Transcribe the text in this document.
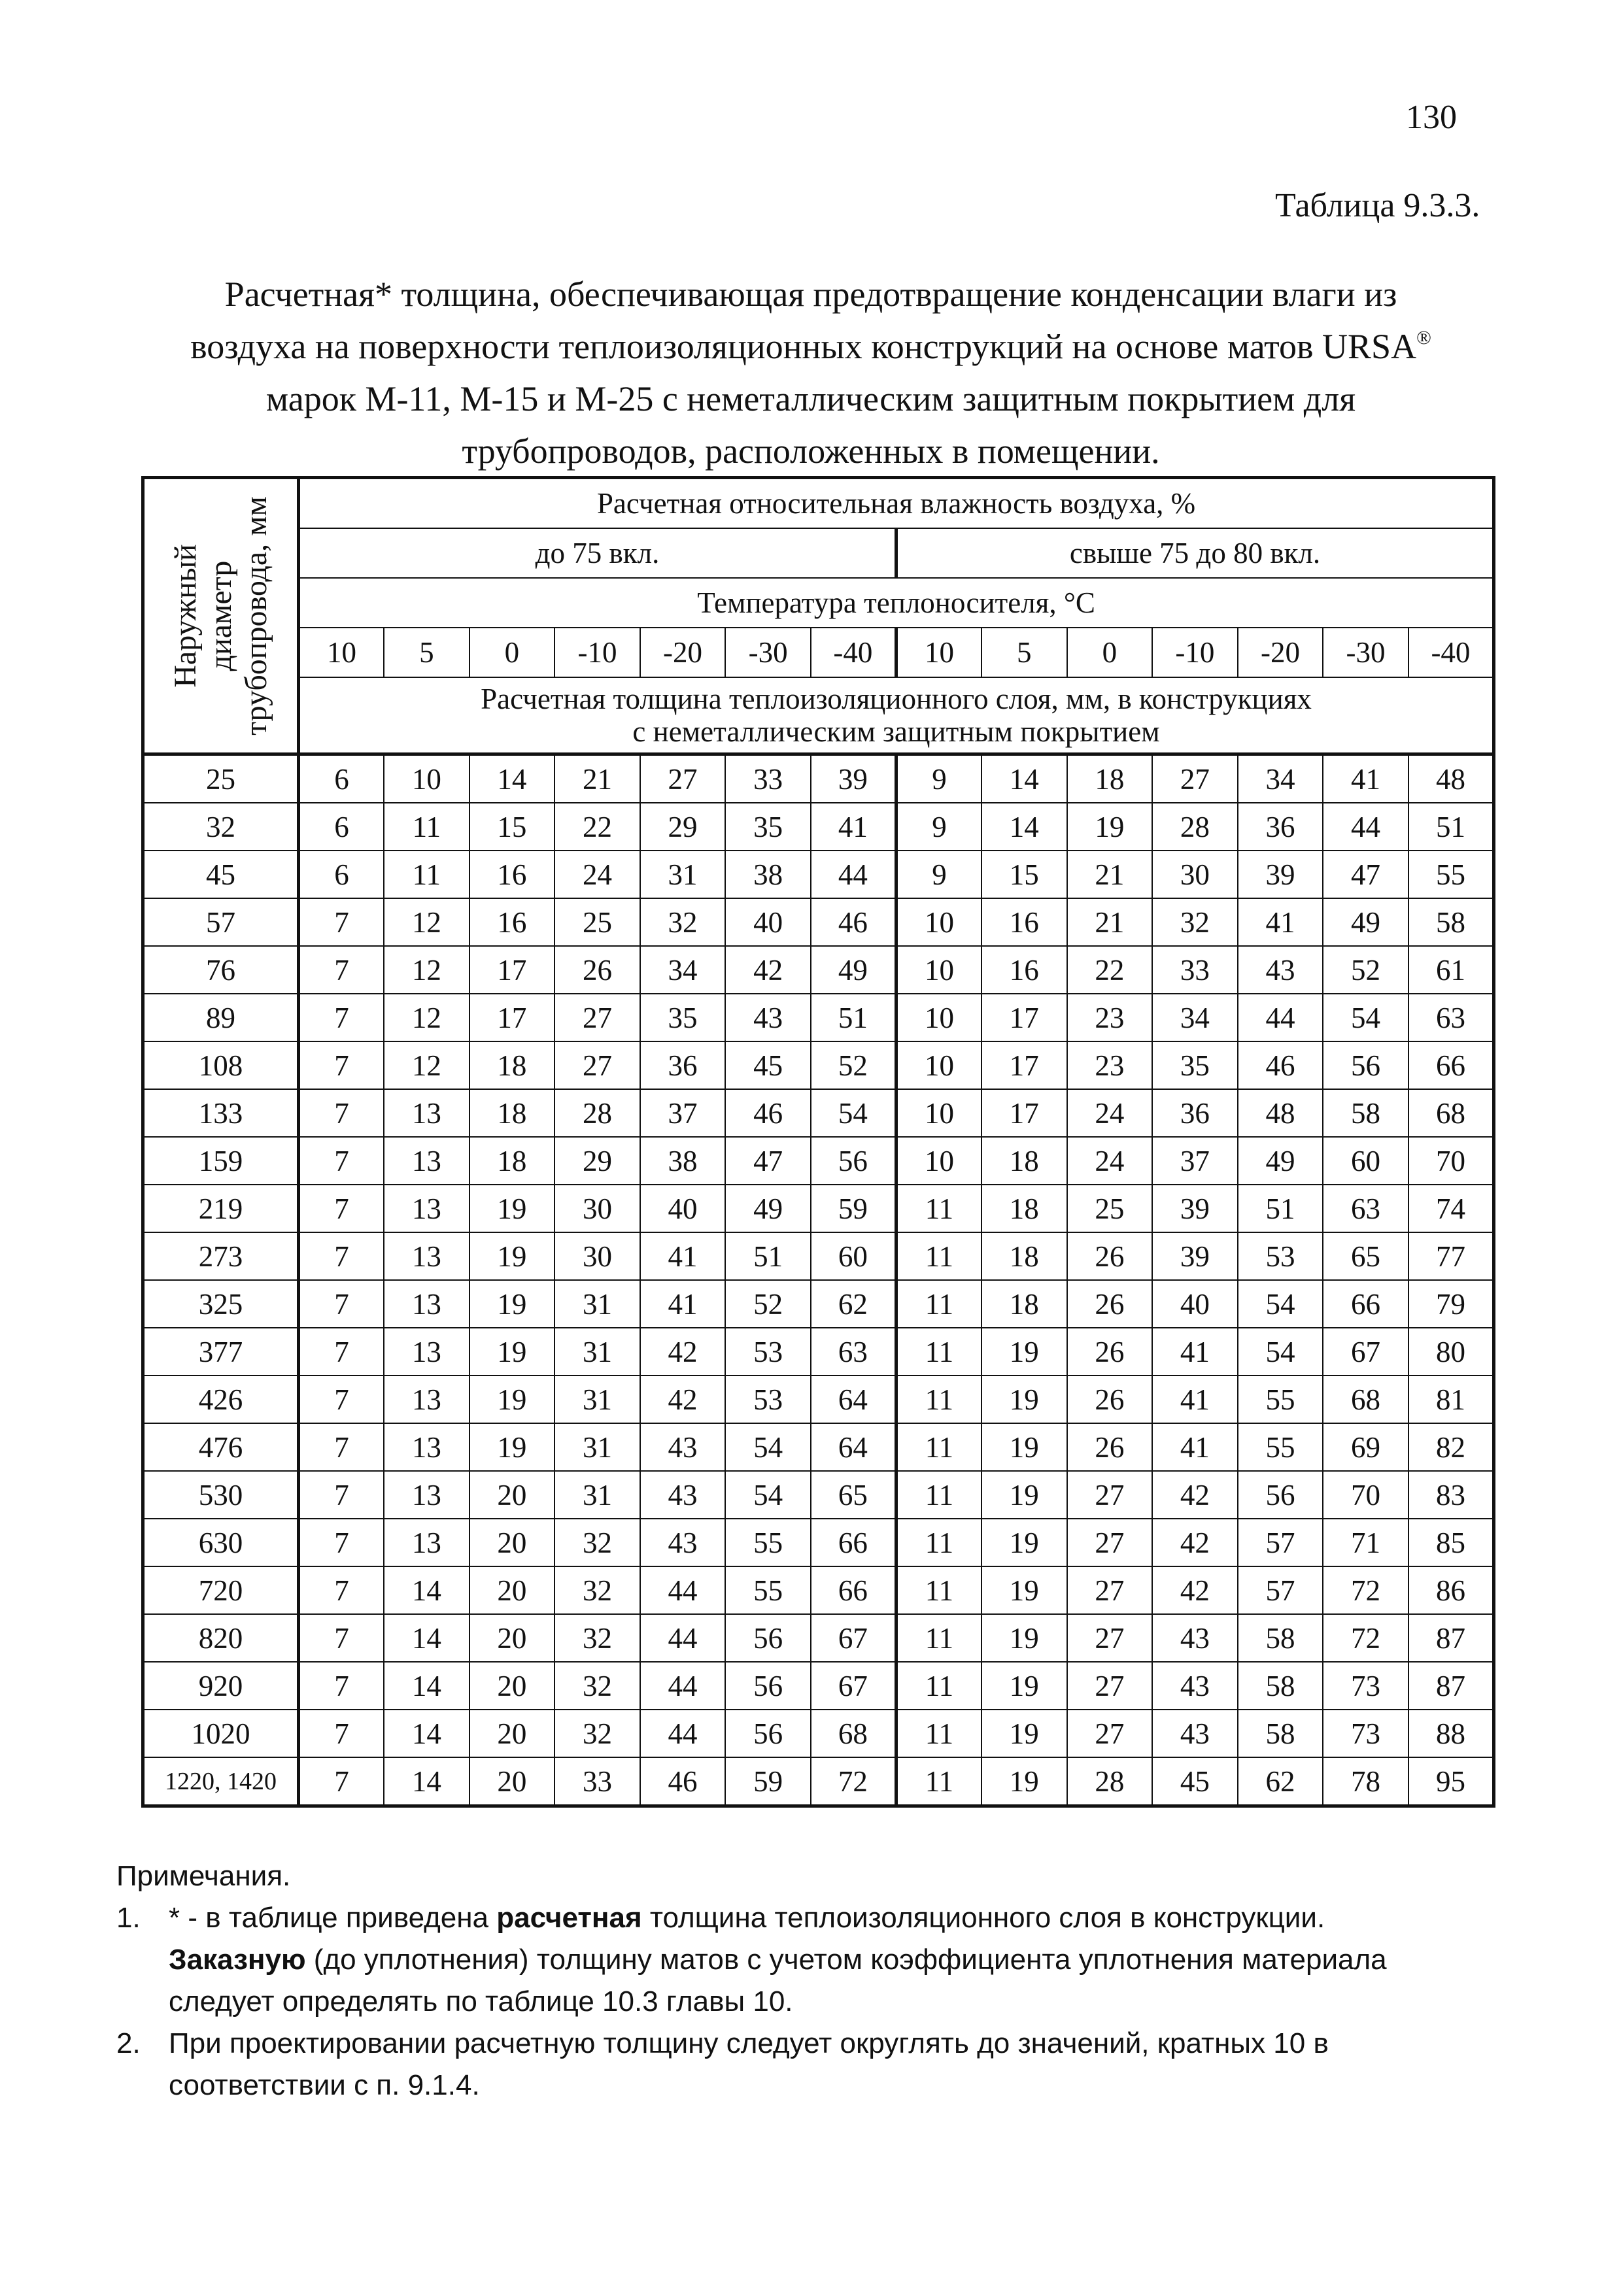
130
Таблица 9.3.3.
Расчетная* толщина, обеспечивающая предотвращение конденсации влаги из
воздуха на поверхности теплоизоляционных конструкций на основе матов URSA®
марок М-11, М-15 и М-25 с неметаллическим защитным покрытием для
трубопроводов, расположенных в помещении.
Наружный диаметр трубопровода, мм	Расчетная относительная влажность воздуха, %													
	до 75 вкл.							свыше 75 до 80 вкл.						
	Температура теплоносителя, °С													
	10	5	0	-10	-20	-30	-40	10	5	0	-10	-20	-30	-40

	Расчетная толщина теплоизоляционного слоя, мм, в конструкциях
с неметаллическим защитным покрытием													

25	6	10	14	21	27	33	39	9	14	18	27	34	41	48
32	6	11	15	22	29	35	41	9	14	19	28	36	44	51
45	6	11	16	24	31	38	44	9	15	21	30	39	47	55
57	7	12	16	25	32	40	46	10	16	21	32	41	49	58
76	7	12	17	26	34	42	49	10	16	22	33	43	52	61
89	7	12	17	27	35	43	51	10	17	23	34	44	54	63
108	7	12	18	27	36	45	52	10	17	23	35	46	56	66
133	7	13	18	28	37	46	54	10	17	24	36	48	58	68
159	7	13	18	29	38	47	56	10	18	24	37	49	60	70
219	7	13	19	30	40	49	59	11	18	25	39	51	63	74
273	7	13	19	30	41	51	60	11	18	26	39	53	65	77
325	7	13	19	31	41	52	62	11	18	26	40	54	66	79
377	7	13	19	31	42	53	63	11	19	26	41	54	67	80
426	7	13	19	31	42	53	64	11	19	26	41	55	68	81
476	7	13	19	31	43	54	64	11	19	26	41	55	69	82
530	7	13	20	31	43	54	65	11	19	27	42	56	70	83
630	7	13	20	32	43	55	66	11	19	27	42	57	71	85
720	7	14	20	32	44	55	66	11	19	27	42	57	72	86
820	7	14	20	32	44	56	67	11	19	27	43	58	72	87
920	7	14	20	32	44	56	67	11	19	27	43	58	73	87
1020	7	14	20	32	44	56	68	11	19	27	43	58	73	88
1220, 1420	7	14	20	33	46	59	72	11	19	28	45	62	78	95
Примечания.
1. * - в таблице приведена расчетная толщина теплоизоляционного слоя в конструкции.
Заказную (до уплотнения) толщину матов с учетом коэффициента уплотнения материала
следует определять по таблице 10.3 главы 10.
2. При проектировании расчетную толщину следует округлять до значений, кратных 10 в
соответствии с п. 9.1.4.
